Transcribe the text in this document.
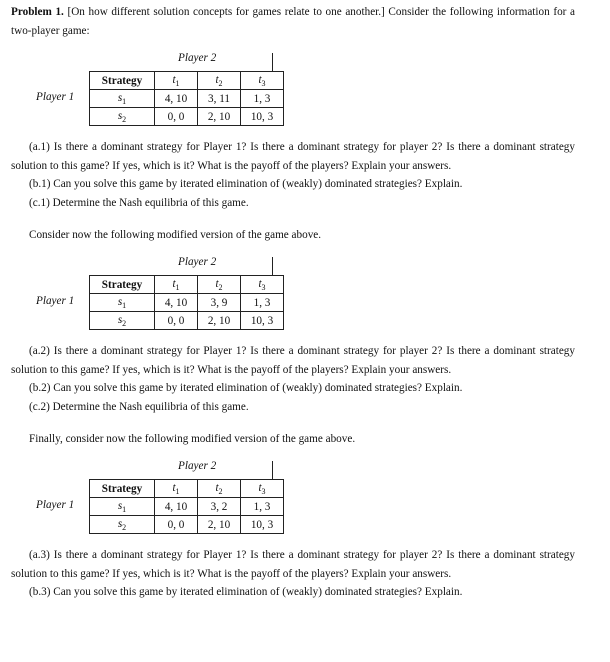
Problem 1. [On how different solution concepts for games relate to one another.] Consider the following information for a two-player game:

Player 2
Player 1
Strategy	$t_1$	$t_2$	$t_3$
$s_1$	4, 10	3, 11	1, 3
$s_2$	0, 0	2, 10	10, 3

(a.1) Is there a dominant strategy for Player 1? Is there a dominant strategy for player 2? Is there a dominant strategy solution to this game? If yes, which is it? What is the payoff of the players? Explain your answers.

(b.1) Can you solve this game by iterated elimination of (weakly) dominated strategies? Explain.

(c.1) Determine the Nash equilibria of this game.

Consider now the following modified version of the game above.

Player 2
Player 1
Strategy	$t_1$	$t_2$	$t_3$
$s_1$	4, 10	3, 9	1, 3
$s_2$	0, 0	2, 10	10, 3

(a.2) Is there a dominant strategy for Player 1? Is there a dominant strategy for player 2? Is there a dominant strategy solution to this game? If yes, which is it? What is the payoff of the players? Explain your answers.

(b.2) Can you solve this game by iterated elimination of (weakly) dominated strategies? Explain.

(c.2) Determine the Nash equilibria of this game.

Finally, consider now the following modified version of the game above.

Player 2
Player 1
Strategy	$t_1$	$t_2$	$t_3$
$s_1$	4, 10	3, 2	1, 3
$s_2$	0, 0	2, 10	10, 3

(a.3) Is there a dominant strategy for Player 1? Is there a dominant strategy for player 2? Is there a dominant strategy solution to this game? If yes, which is it? What is the payoff of the players? Explain your answers.

(b.3) Can you solve this game by iterated elimination of (weakly) dominated strategies? Explain.
